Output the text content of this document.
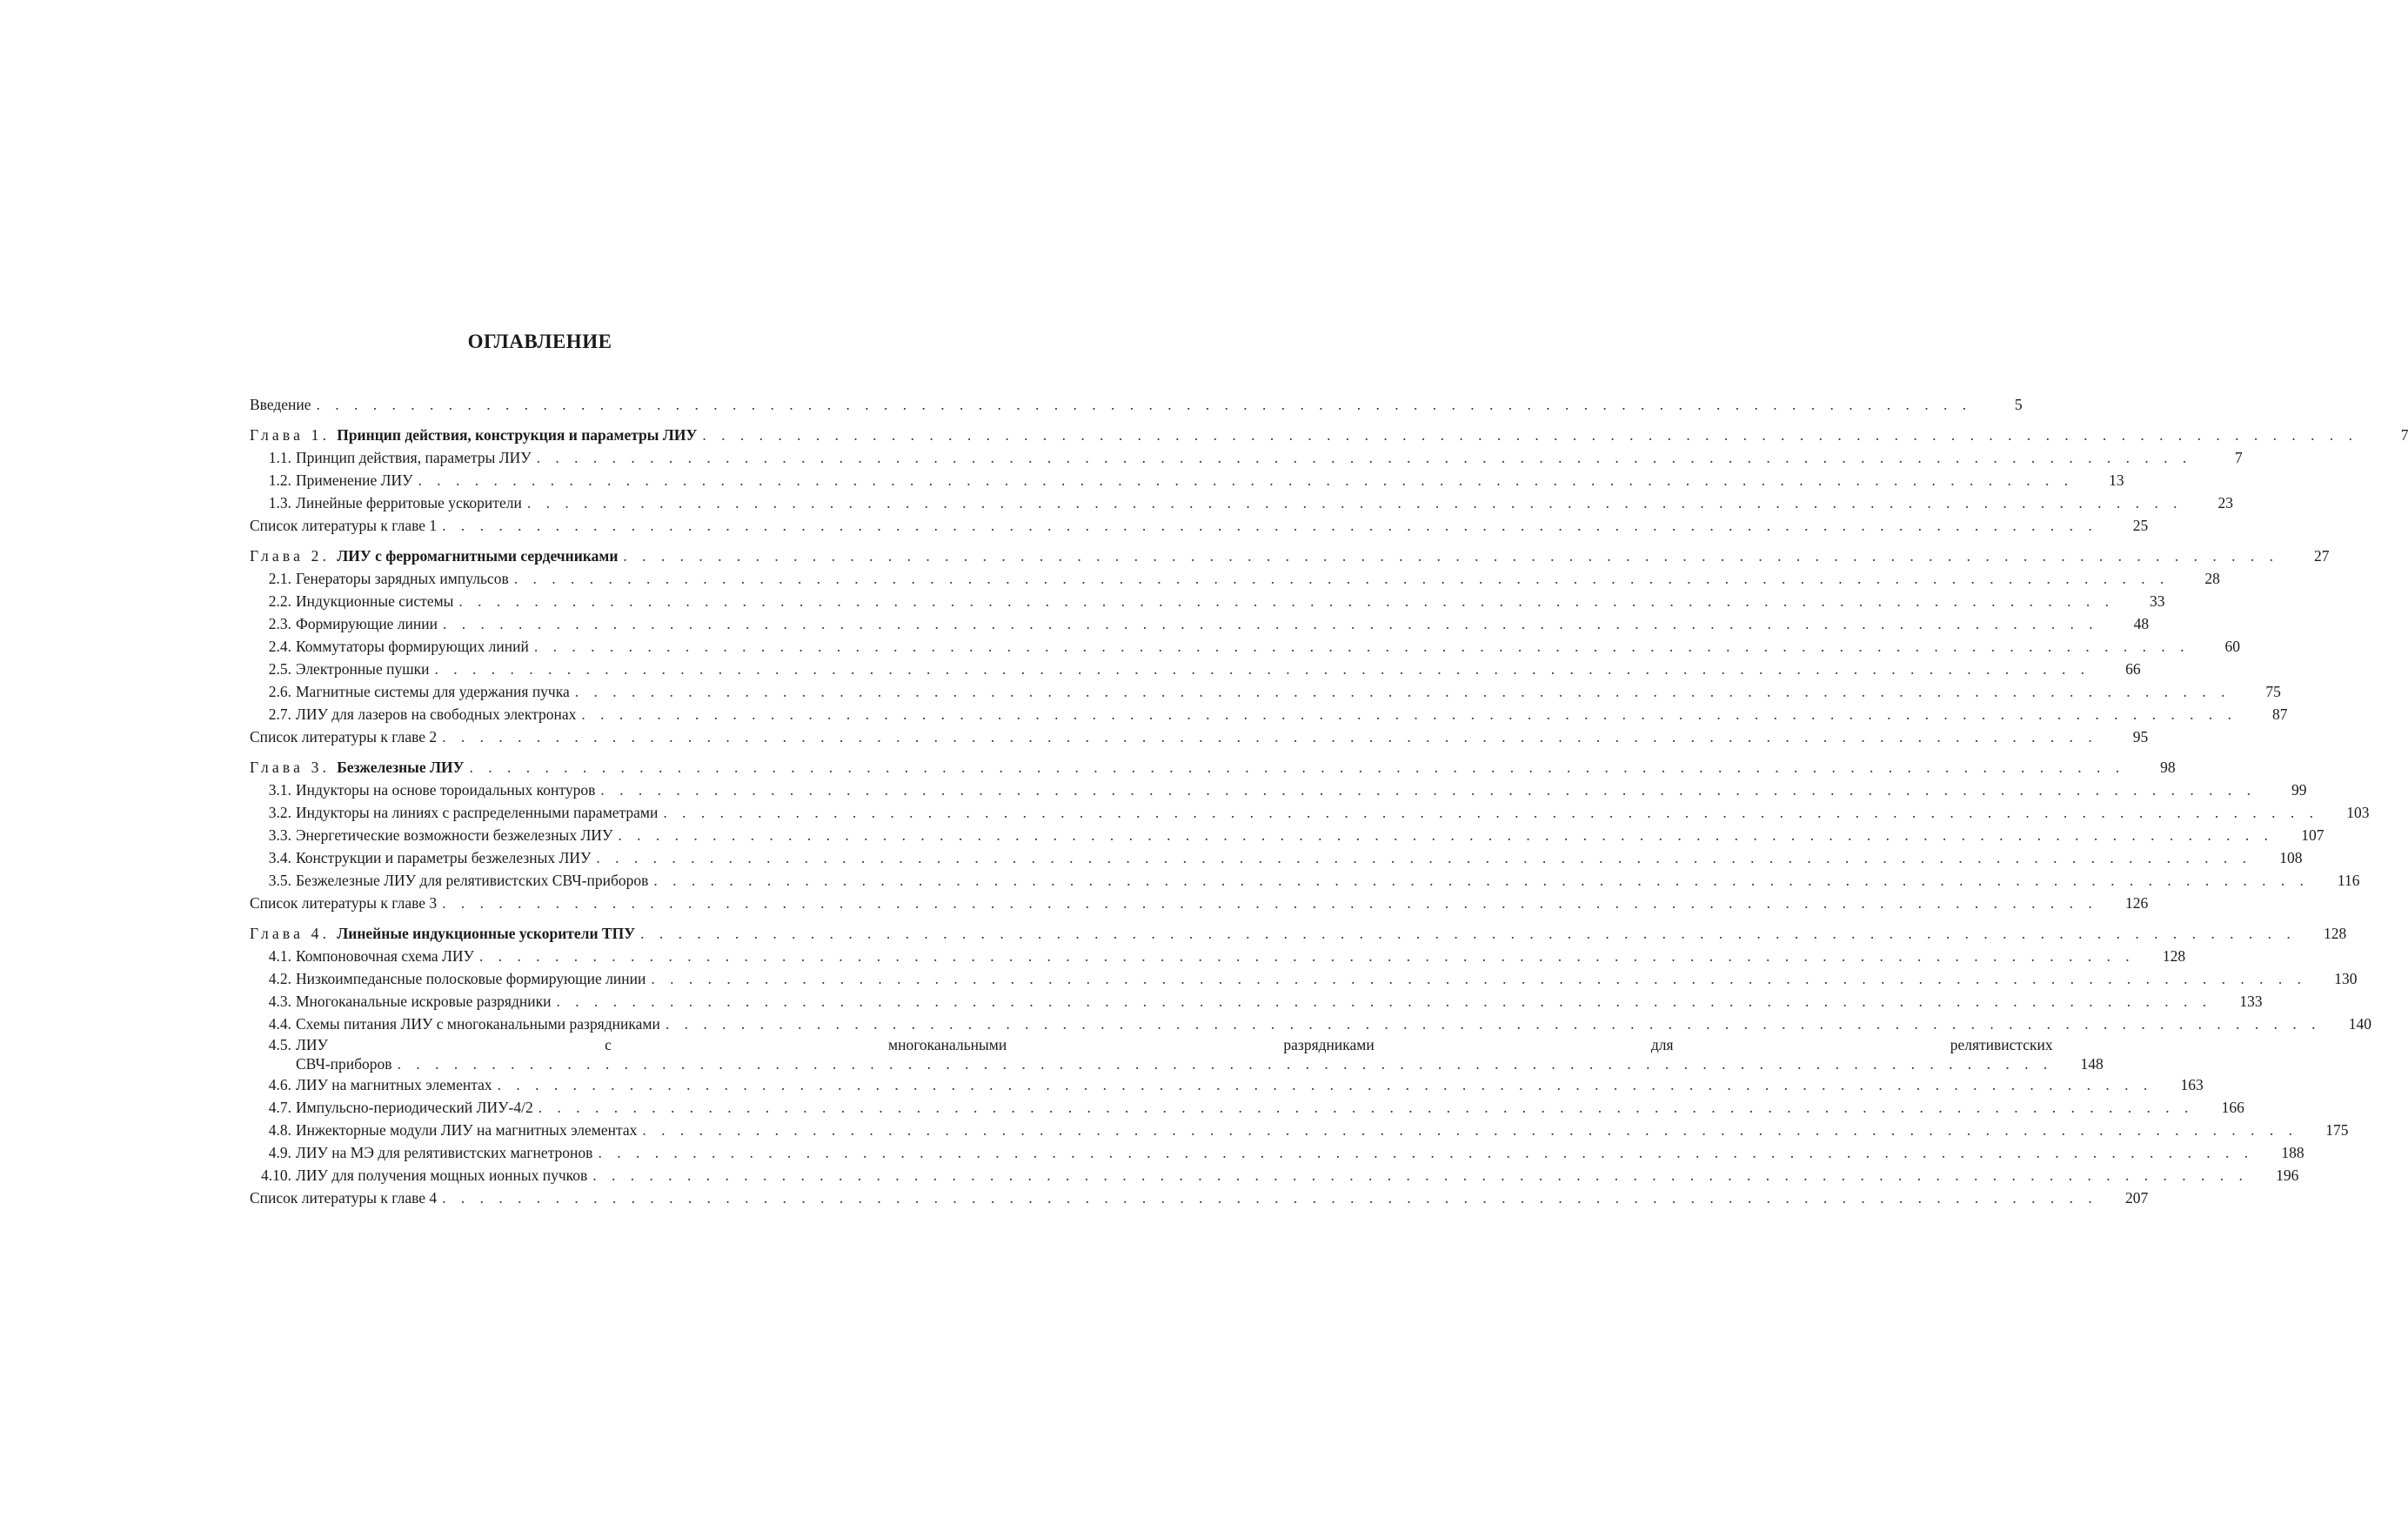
ОГЛАВЛЕНИЕ
Введение . . .	5
Глава 1. Принцип действия, конструкция и параметры ЛИУ . . .	7
1.1. Принцип действия, параметры ЛИУ . . .	7
1.2. Применение ЛИУ . . .	13
1.3. Линейные ферритовые ускорители . . .	23
Список литературы к главе 1 . . .	25
Глава 2. ЛИУ с ферромагнитными сердечниками . . .	27
2.1. Генераторы зарядных импульсов . . .	28
2.2. Индукционные системы . . .	33
2.3. Формирующие линии . . .	48
2.4. Коммутаторы формирующих линий . . .	60
2.5. Электронные пушки . . .	66
2.6. Магнитные системы для удержания пучка . . .	75
2.7. ЛИУ для лазеров на свободных электронах . . .	87
Список литературы к главе 2 . . .	95
Глава 3. Безжелезные ЛИУ . . .	98
3.1. Индукторы на основе тороидальных контуров . . .	99
3.2. Индукторы на линиях с распределенными параметрами . . .	103
3.3. Энергетические возможности безжелезных ЛИУ . . .	107
3.4. Конструкции и параметры безжелезных ЛИУ . . .	108
3.5. Безжелезные ЛИУ для релятивистских СВЧ-приборов . . .	116
Список литературы к главе 3 . . .	126
Глава 4. Линейные индукционные ускорители ТПУ . . .	128
4.1. Компоновочная схема ЛИУ . . .	128
4.2. Низкоимпедансные полосковые формирующие линии . . .	130
4.3. Многоканальные искровые разрядники . . .	133
4.4. Схемы питания ЛИУ с многоканальными разрядниками . . .	140
4.5. ЛИУ	с	многоканальными	разрядниками	для	релятивистских
СВЧ-приборов . . .	148
4.6. ЛИУ на магнитных элементах . . .	163
4.7. Импульсно-периодический ЛИУ-4/2 . . .	166
4.8. Инжекторные модули ЛИУ на магнитных элементах . . .	175
4.9. ЛИУ на МЭ для релятивистских магнетронов . . .	188
4.10. ЛИУ для получения мощных ионных пучков . . .	196
Список литературы к главе 4 . . .	207
